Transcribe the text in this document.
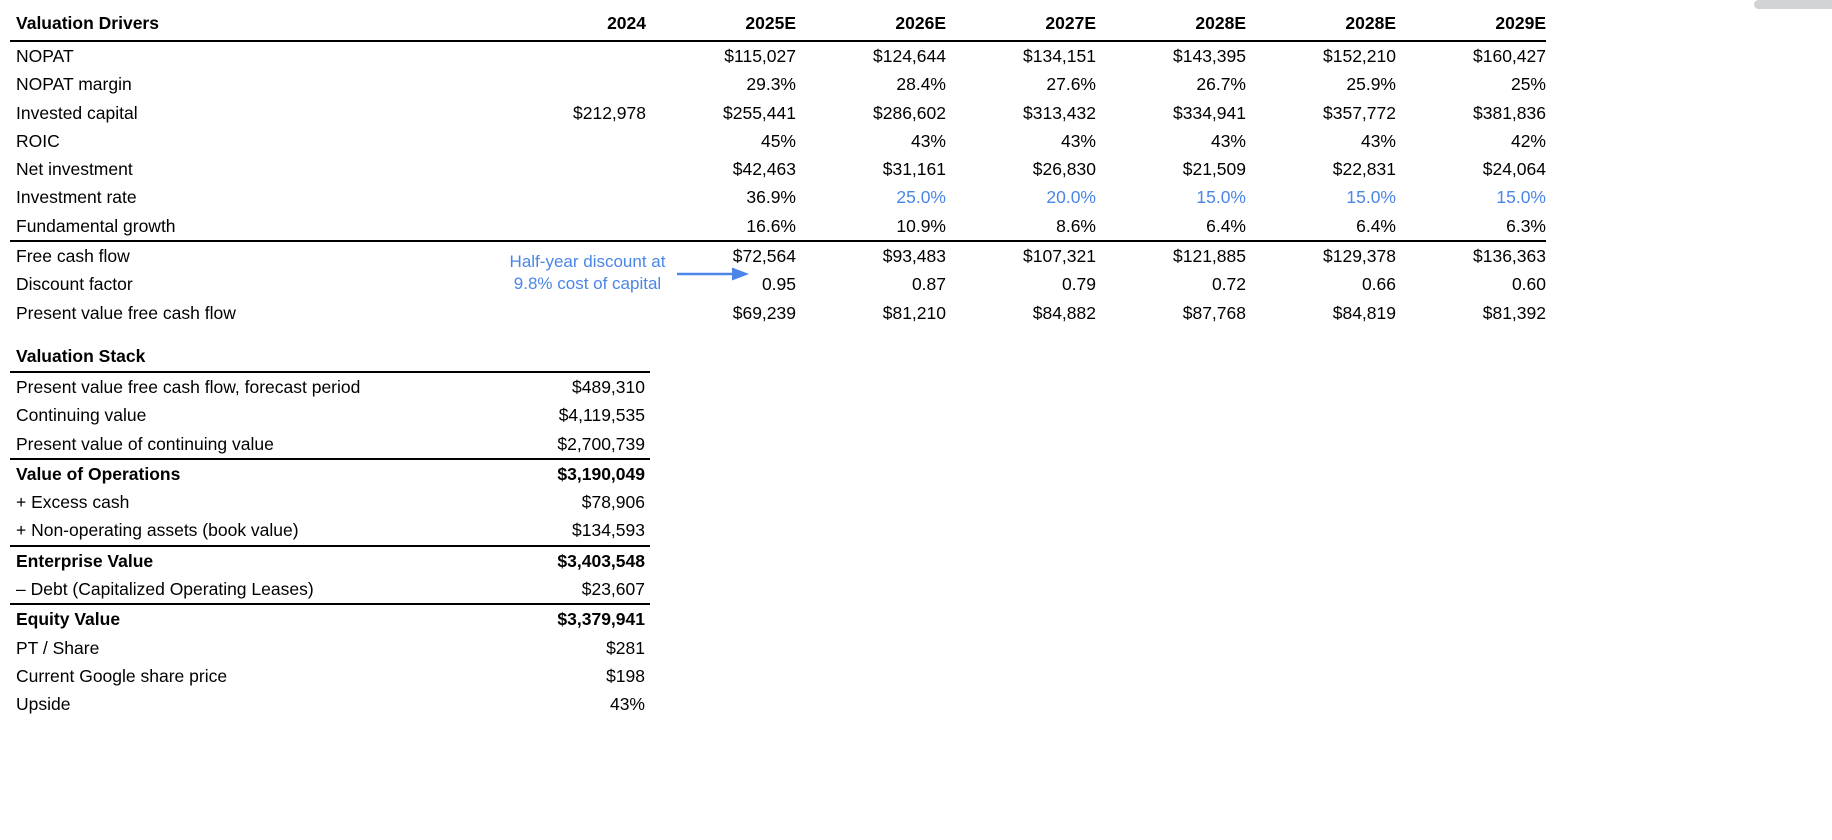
Valuation Drivers	2024	2025E	2026E	2027E	2028E	2028E	2029E
NOPAT		$115,027	$124,644	$134,151	$143,395	$152,210	$160,427
NOPAT margin		29.3%	28.4%	27.6%	26.7%	25.9%	25%
Invested capital	$212,978	$255,441	$286,602	$313,432	$334,941	$357,772	$381,836
ROIC		45%	43%	43%	43%	43%	42%
Net investment		$42,463	$31,161	$26,830	$21,509	$22,831	$24,064
Investment rate		36.9%	25.0%	20.0%	15.0%	15.0%	15.0%
Fundamental growth		16.6%	10.9%	8.6%	6.4%	6.4%	6.3%
Free cash flow		$72,564	$93,483	$107,321	$121,885	$129,378	$136,363
Discount factor		0.95	0.87	0.79	0.72	0.66	0.60
Present value free cash flow		$69,239	$81,210	$84,882	$87,768	$84,819	$81,392
Half-year discount at
9.8% cost of capital
Valuation Stack
Present value free cash flow, forecast period	$489,310
Continuing value	$4,119,535
Present value of continuing value	$2,700,739
Value of Operations	$3,190,049
+ Excess cash	$78,906
+ Non-operating assets (book value)	$134,593
Enterprise Value	$3,403,548
– Debt (Capitalized Operating Leases)	$23,607
Equity Value	$3,379,941
PT / Share	$281
Current Google share price	$198
Upside	43%
